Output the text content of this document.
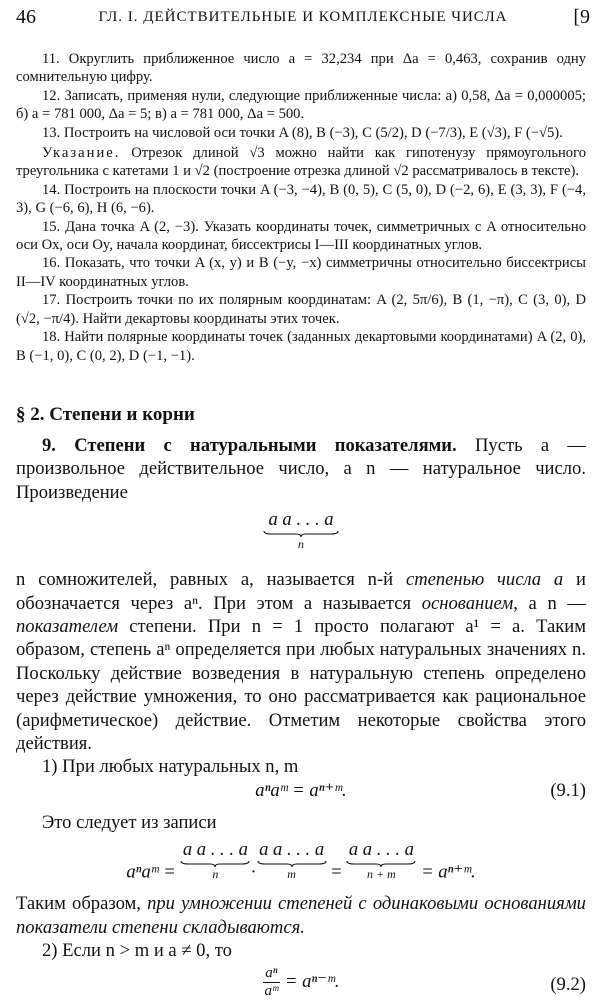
46	ГЛ. I. ДЕЙСТВИТЕЛЬНЫЕ И КОМПЛЕКСНЫЕ ЧИСЛА	[9

11. Округлить приближенное число a = 32,234 при Δa = 0,463, сохранив одну сомнительную цифру.

12. Записать, применяя нули, следующие приближенные числа: а) 0,58, Δa = 0,000005; б) a = 781 000, Δa = 5; в) a = 781 000, Δa = 500.

13. Построить на числовой оси точки A (8), B (−3), C (5/2), D (−7/3), E (√3), F (−√5).

Указание. Отрезок длиной √3 можно найти как гипотенузу прямоугольного треугольника с катетами 1 и √2 (построение отрезка длиной √2 рассматривалось в тексте).

14. Построить на плоскости точки A (−3, −4), B (0, 5), C (5, 0), D (−2, 6), E (3, 3), F (−4, 3), G (−6, 6), H (6, −6).

15. Дана точка A (2, −3). Указать координаты точек, симметричных с A относительно оси Ox, оси Oy, начала координат, биссектрисы I—III координатных углов.

16. Показать, что точки A (x, y) и B (−y, −x) симметричны относительно биссектрисы II—IV координатных углов.

17. Построить точки по их полярным координатам: A (2, 5π/6), B (1, −π), C (3, 0), D (√2, −π/4). Найти декартовы координаты этих точек.

18. Найти полярные координаты точек (заданных декартовыми координатами) A (2, 0), B (−1, 0), C (0, 2), D (−1, −1).

§ 2. Степени и корни

9. Степени с натуральными показателями. Пусть a — произвольное действительное число, а n — натуральное число. Произведение

a a . . . a
n

n сомножителей, равных a, называется n-й степенью числа a и обозначается через aⁿ. При этом a называется основанием, а n — показателем степени. При n = 1 просто полагают a¹ = a. Таким образом, степень aⁿ определяется при любых натуральных значениях n. Поскольку действие возведения в натуральную степень определено через действие умножения, то оно рассматривается как рациональное (арифметическое) действие. Отметим некоторые свойства этого действия.

1) При любых натуральных n, m

aⁿaᵐ = aⁿ⁺ᵐ.	(9.1)

Это следует из записи

aⁿaᵐ = a a . . . a
n	·a a . . . a
m	= a a . . . a
n + m	= aⁿ⁺ᵐ.

Таким образом, при умножении степеней с одинаковыми основаниями показатели степени складываются.

2) Если n > m и a ≠ 0, то

$\frac{\text{aⁿ}}{\text{aᵐ}}$ = aⁿ⁻ᵐ.	(9.2)
